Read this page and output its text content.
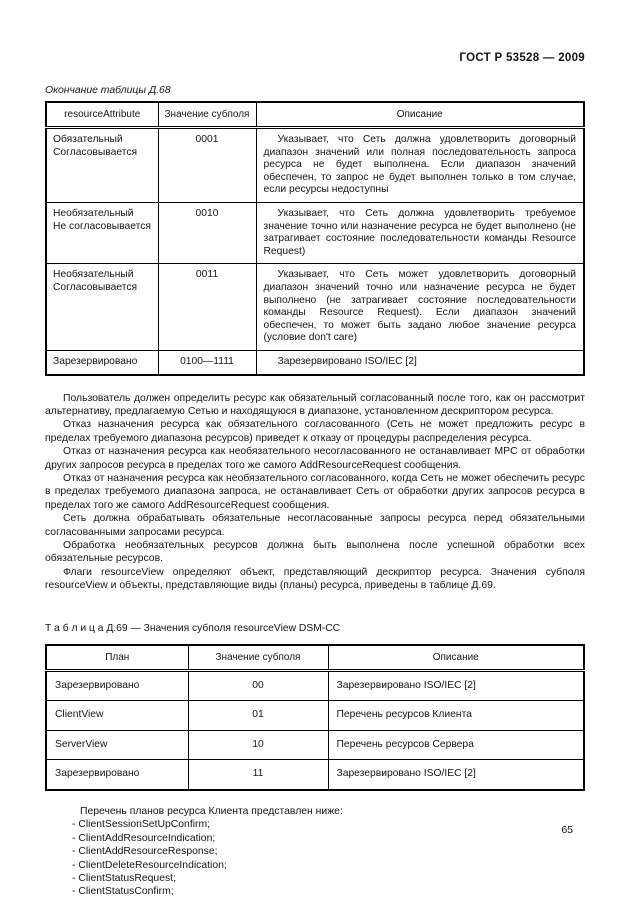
ГОСТ Р 53528 — 2009
Окончание таблицы Д.68
resourceAttribute	Значение субполя	Описание

Обязательный
Согласовывается	0001	Указывает, что Сеть должна удовлетворить договорный диапазон значений или полная последовательность запроса ресурса не будет выполнена. Если диапазон значений обеспечен, то запрос не будет выполнен только в том случае, если ресурсы недоступны

Необязательный
Не согласовывается	0010	Указывает, что Сеть должна удовлетворить требуемое значение точно или назначение ресурса не будет выполнено (не затрагивает состояние последовательности команды Resource Request)

Необязательный
Согласовывается	0011	Указывает, что Сеть может удовлетворить договорный диапазон значений точно или назначение ресурса не будет выполнено (не затрагивает состояние последовательности команды Resource Request). Если диапазон значений обеспечен, то может быть задано любое значение ресурса (условие don't care)

Зарезервировано	0100—1111	Зарезервировано ISO/IEC [2]

Пользователь должен определить ресурс как обязательный согласованный после того, как он рассмотрит альтернативу, предлагаемую Сетью и находящуюся в диапазоне, установленном дескриптором ресурса.

Отказ назначения ресурса как обязательного согласованного (Сеть не может предложить ресурс в пределах требуемого диапазона ресурсов) приведет к отказу от процедуры распределения ресурса.

Отказ от назначения ресурса как необязательного несогласованного не останавливает MPC от обработки других запросов ресурса в пределах того же самого AddResourceRequest сообщения.

Отказ от назначения ресурса как необязательного согласованного, когда Сеть не может обеспечить ресурс в пределах требуемого диапазона запроса, не останавливает Сеть от обработки других запросов ресурса в пределах того же самого AddResourceRequest сообщения.

Сеть должна обрабатывать обязательные несогласованные запросы ресурса перед обязательными согласованными запросами ресурса.

Обработка необязательных ресурсов должна быть выполнена после успешной обработки всех обязательные ресурсов.

Флаги resourceView определяют объект, представляющий дескриптор ресурса. Значения субполя resourceView и объекты, представляющие виды (планы) ресурса, приведены в таблице Д.69.

Т а б л и ц а Д.69 — Значения субполя resourceView DSM-CC
План	Значение субполя	Описание
Зарезервировано	00	Зарезервировано ISO/IEC [2]
ClientView	01	Перечень ресурсов Клиента
ServerView	10	Перечень ресурсов Сервера
Зарезервировано	11	Зарезервировано ISO/IEC [2]
Перечень планов ресурса Клиента представлен ниже:
- ClientSessionSetUpConfirm;
- ClientAddResourceIndication;
- ClientAddResourceResponse;
- ClientDeleteResourceIndication;
- ClientStatusRequest;
- ClientStatusConfirm;
65
